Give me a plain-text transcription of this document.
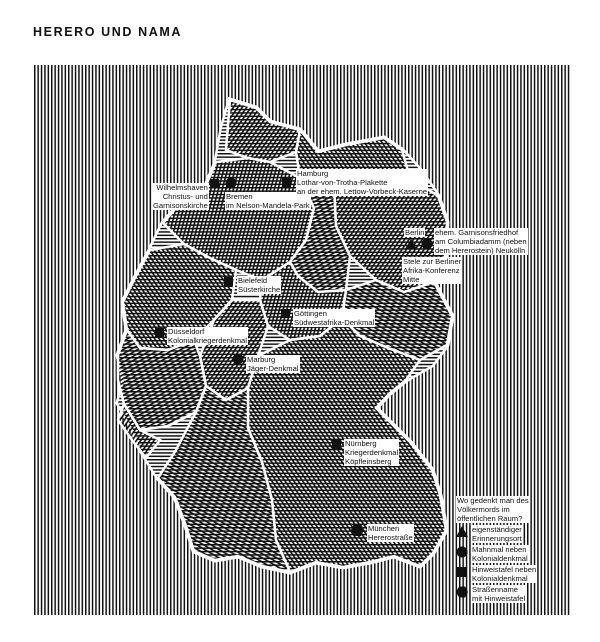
HERERO UND NAMA
Wilhelmshaven
Christus- und
Garnisonskirche
Bremen
im Nelson-Mandela-Park
Hamburg
Lothar-von-Trotha-Plakette
an der ehem. Lettow-Vorbeck-Kaserne
Berlin ehem. Garnisonsfriedhof
am Columbiadamm (neben
dem Hererostein) Neukölln
Stele zur Berliner
Afrika-Konferenz
Mitte
Bielefeld
Süsterkirche
Göttingen
Südwestafrika-Denkmal
Düsseldorf
Kolonialkriegerdenkmal
Marburg
Jäger-Denkmal
Nürnberg
Kriegerdenkmal
Köpfleinsberg
München
Hererostraße
Wo gedenkt man des
Völkermords im
öffentlichen Raum?
eigenständiger
Erinnerungsort
Mahnmal neben
Kolonialdenkmal
Hinweistafel neben
Kolonialdenkmal
Straßenname
mit Hinweistafel
